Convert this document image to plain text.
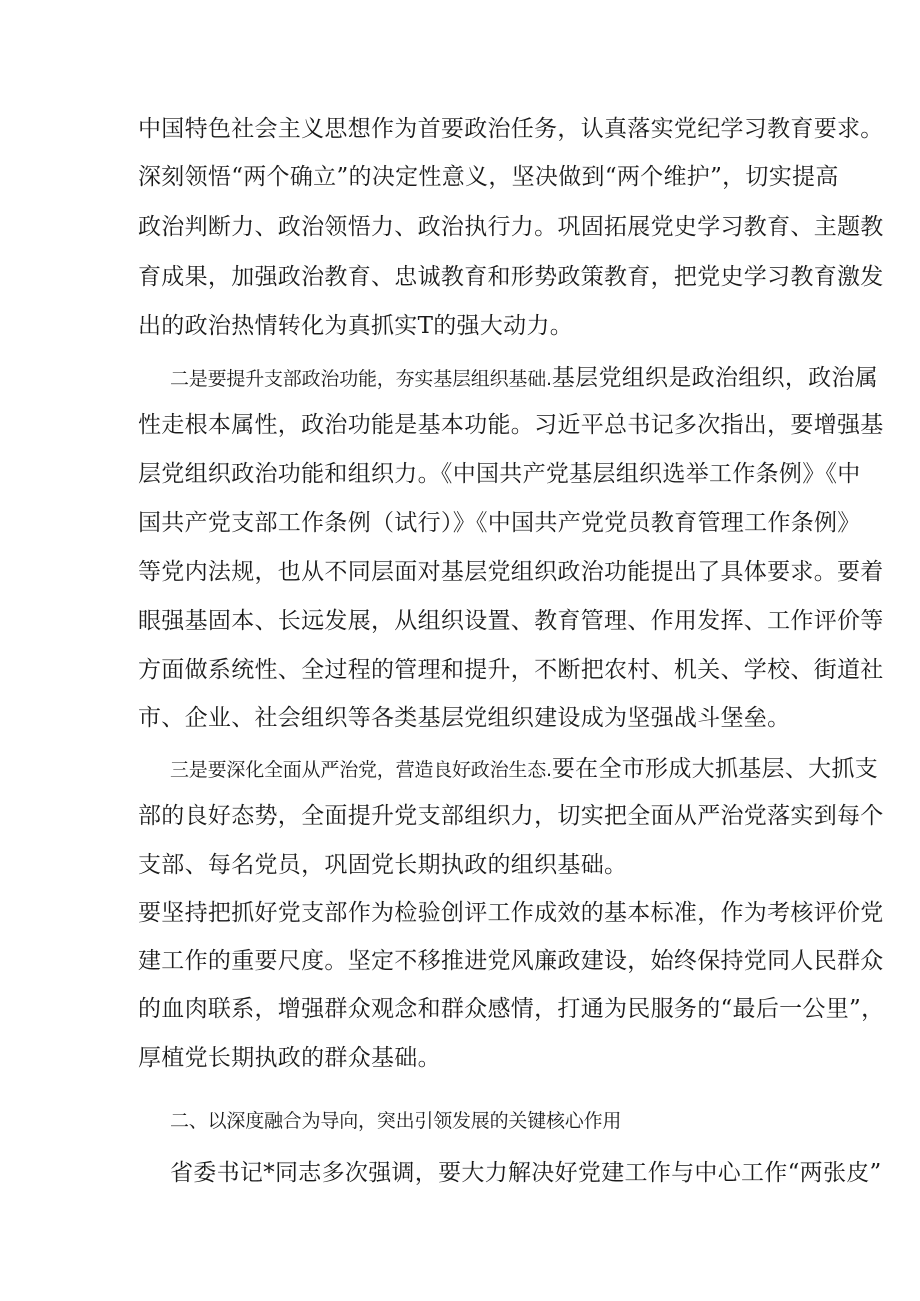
中国特色社会主义思想作为首要政治任务，认真落实党纪学习教育要求。
深刻领悟“两个确立”的决定性意义，坚决做到“两个维护”，切实提高
政治判断力、政治领悟力、政治执行力。巩固拓展党史学习教育、主题教
育成果，加强政治教育、忠诚教育和形势政策教育，把党史学习教育激发
出的政治热情转化为真抓实T的强大动力。
二是要提升支部政治功能，夯实基层组织基础.基层党组织是政治组织，政治属
性走根本属性，政治功能是基本功能。习近平总书记多次指出，要增强基
层党组织政治功能和组织力。《中国共产党基层组织选举工作条例》《中
国共产党支部工作条例（试行）》《中国共产党党员教育管理工作条例》
等党内法规，也从不同层面对基层党组织政治功能提出了具体要求。要着
眼强基固本、长远发展，从组织设置、教育管理、作用发挥、工作评价等
方面做系统性、全过程的管理和提升，不断把农村、机关、学校、街道社
市、企业、社会组织等各类基层党组织建设成为坚强战斗堡垒。
三是要深化全面从严治党，营造良好政治生态.要在全市形成大抓基层、大抓支
部的良好态势，全面提升党支部组织力，切实把全面从严治党落实到每个
支部、每名党员，巩固党长期执政的组织基础。
要坚持把抓好党支部作为检验创评工作成效的基本标准，作为考核评价党
建工作的重要尺度。坚定不移推进党风廉政建设，始终保持党同人民群众
的血肉联系，增强群众观念和群众感情，打通为民服务的“最后一公里”，
厚植党长期执政的群众基础。
二、以深度融合为导向，突出引领发展的关键核心作用
省委书记*同志多次强调，要大力解决好党建工作与中心工作“两张皮”
